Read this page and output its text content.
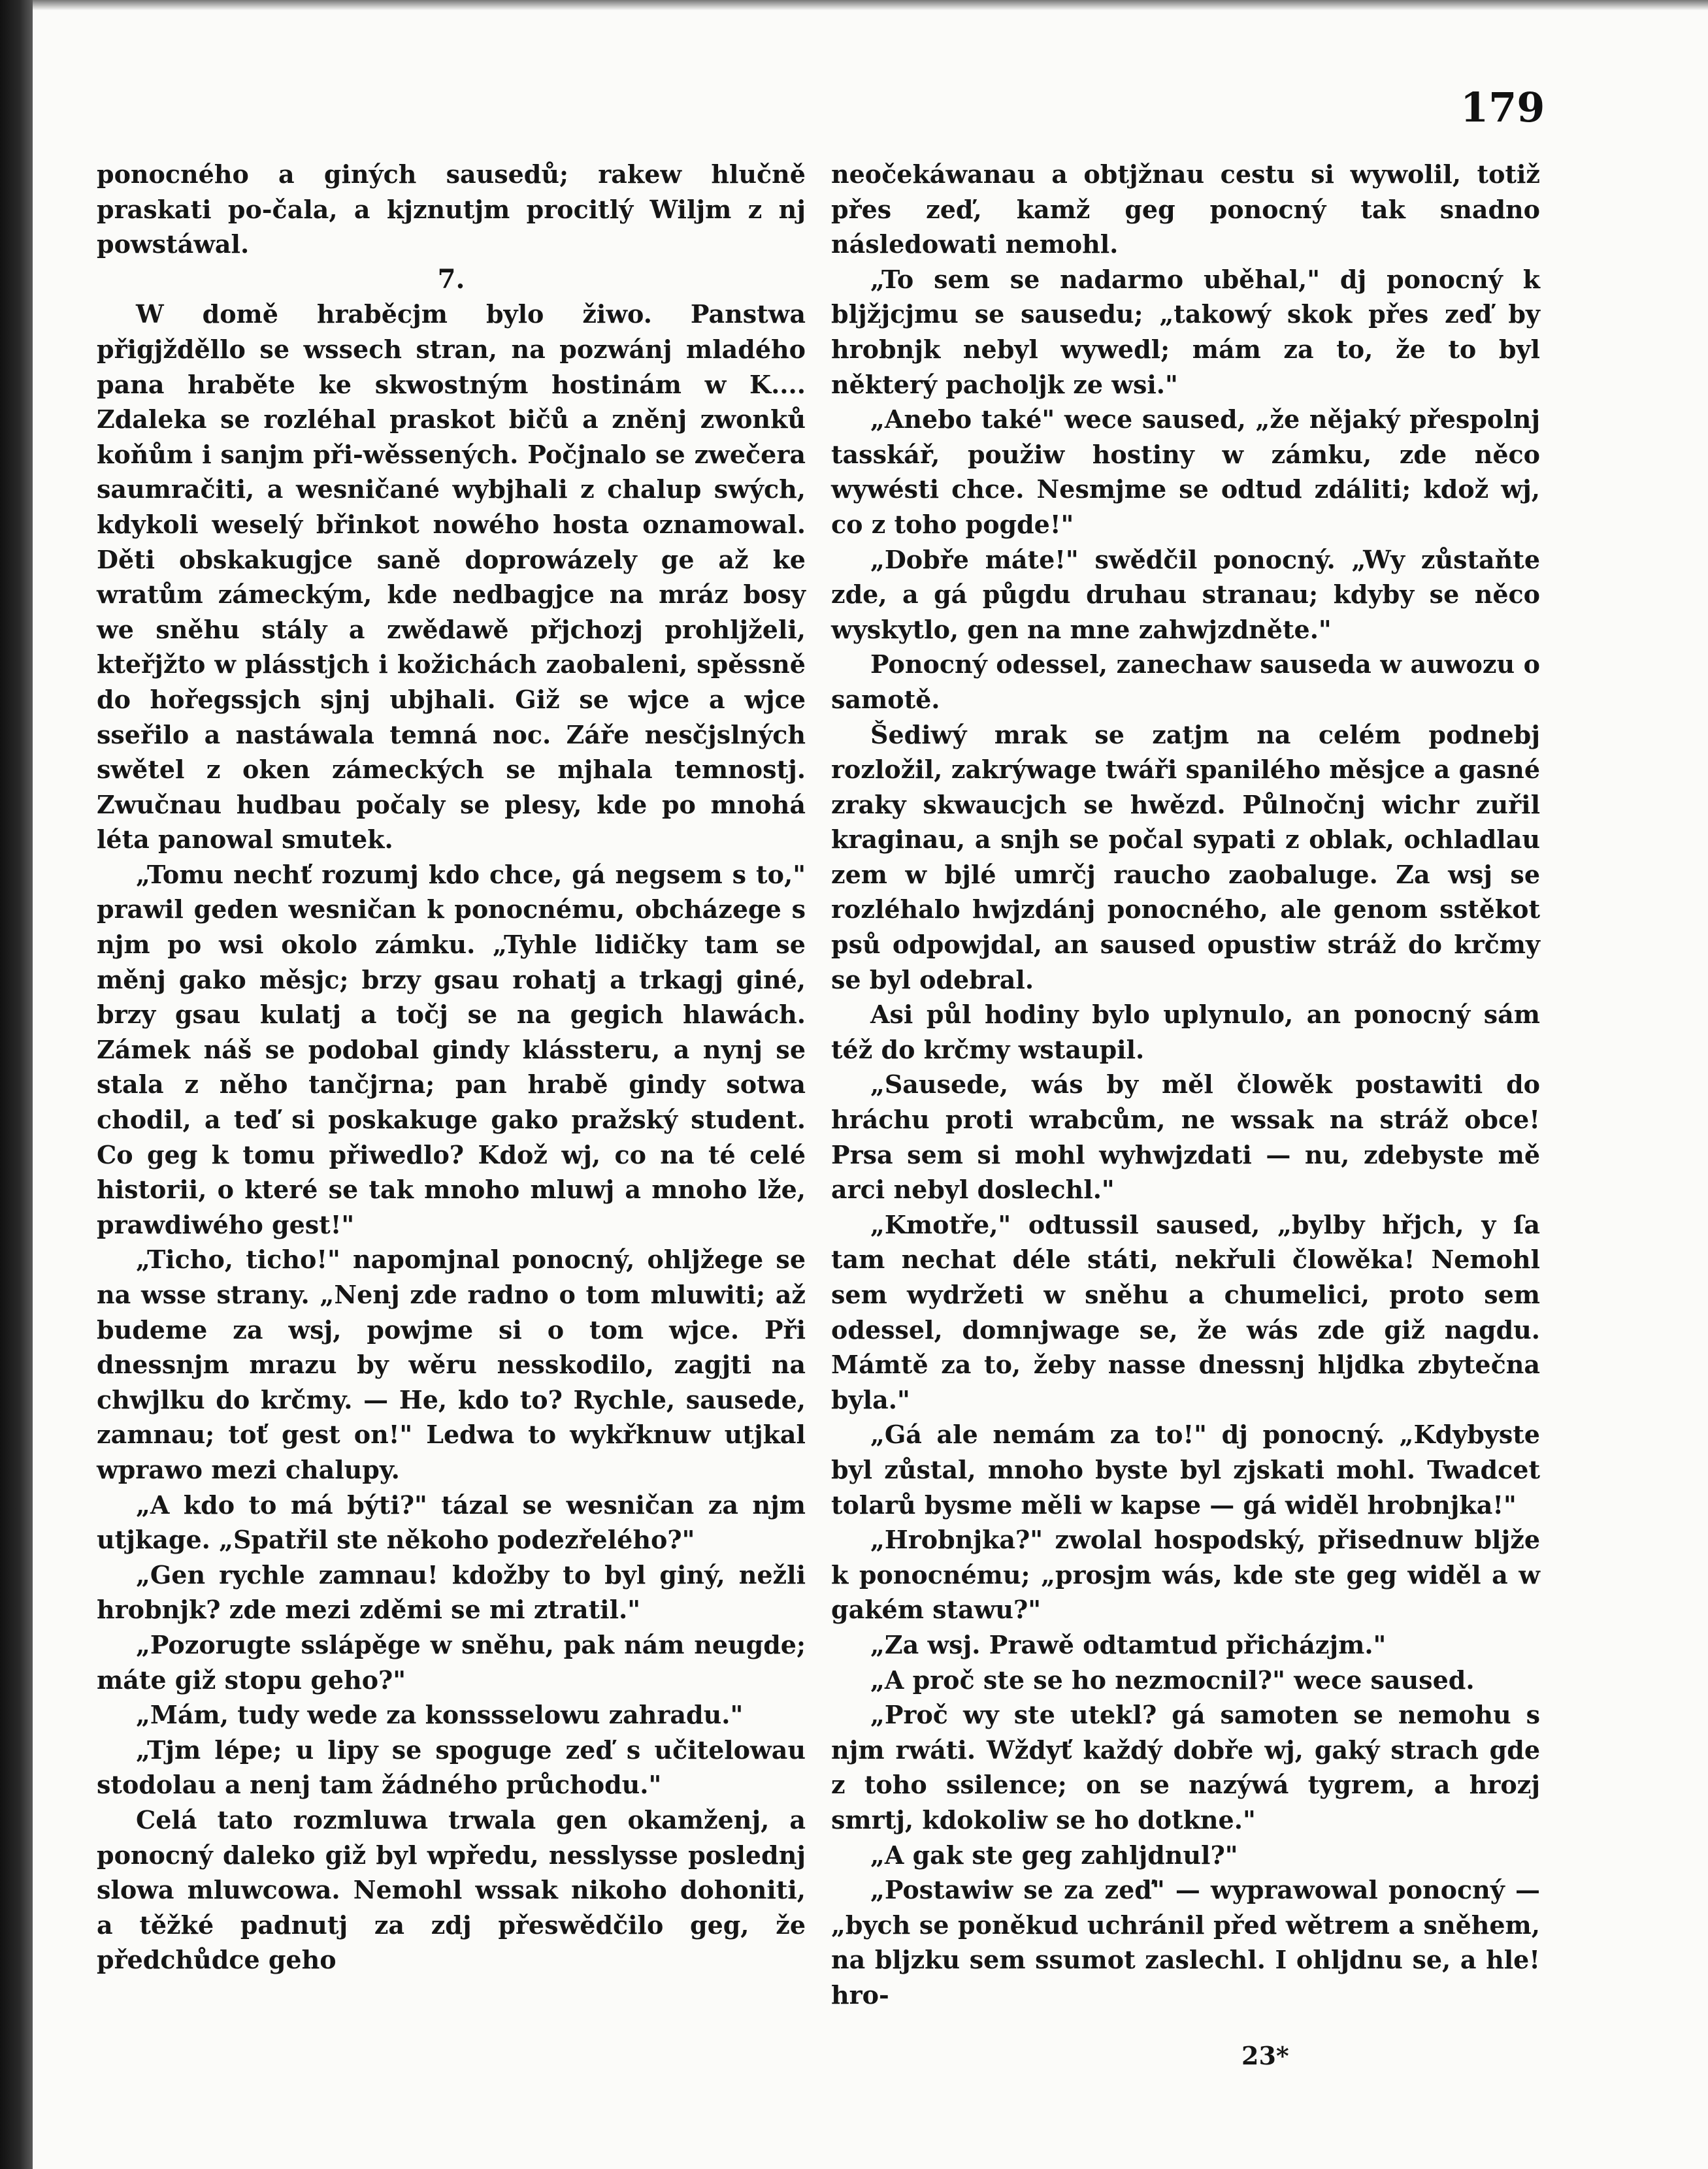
179

ponocného a giných sausedů; rakew hlučně praskati po-čala, a kjznutjm procitlý Wiljm z nj powstáwal.

7.

W domě hraběcjm bylo žiwo. Panstwa přigjžděllo se wssech stran, na pozwánj mladého pana hraběte ke skwostným hostinám w K.... Zdaleka se rozléhal praskot bičů a zněnj zwonků koňům i sanjm při-wěssených. Počjnalo se zwečera saumračiti, a wesničané wybjhali z chalup swých, kdykoli weselý břinkot nowého hosta oznamowal. Děti obskakugjce saně doprowázely ge až ke wratům zámeckým, kde nedbagjce na mráz bosy we sněhu stály a zwědawě přjchozj prohljželi, kteřjžto w plásstjch i kožichách zaobaleni, spěssně do hořegssjch sjnj ubjhali. Giž se wjce a wjce sseřilo a nastáwala temná noc. Záře nesčjslných swětel z oken zámeckých se mjhala temnostj. Zwučnau hudbau počaly se plesy, kde po mnohá léta panowal smutek.

„Tomu nechť rozumj kdo chce, gá negsem s to," prawil geden wesničan k ponocnému, obcházege s njm po wsi okolo zámku. „Tyhle lidičky tam se měnj gako měsjc; brzy gsau rohatj a trkagj giné, brzy gsau kulatj a točj se na gegich hlawách. Zámek náš se podobal gindy klássteru, a nynj se stala z něho tančjrna; pan hrabě gindy sotwa chodil, a teď si poskakuge gako pražský student. Co geg k tomu přiwedlo? Kdož wj, co na té celé historii, o které se tak mnoho mluwj a mnoho lže, prawdiwého gest!"

„Ticho, ticho!" napomjnal ponocný, ohljžege se na wsse strany. „Nenj zde radno o tom mluwiti; až budeme za wsj, powjme si o tom wjce. Při dnessnjm mrazu by wěru nesskodilo, zagjti na chwjlku do krčmy. — He, kdo to? Rychle, sausede, zamnau; toť gest on!" Ledwa to wykřknuw utjkal wprawo mezi chalupy.

„A kdo to má býti?" tázal se wesničan za njm utjkage. „Spatřil ste někoho podezřelého?"

„Gen rychle zamnau! kdožby to byl giný, nežli hrobnjk? zde mezi zděmi se mi ztratil."

„Pozorugte sslápěge w sněhu, pak nám neugde; máte giž stopu geho?"

„Mám, tudy wede za konssselowu zahradu."

„Tjm lépe; u lipy se spoguge zeď s učitelowau stodolau a nenj tam žádného průchodu."

Celá tato rozmluwa trwala gen okamženj, a ponocný daleko giž byl wpředu, nesslysse poslednj slowa mluwcowa. Nemohl wssak nikoho dohoniti, a těžké padnutj za zdj přeswědčilo geg, že předchůdce geho

neočekáwanau a obtjžnau cestu si wywolil, totiž přes zeď, kamž geg ponocný tak snadno následowati nemohl.

„To sem se nadarmo uběhal," dj ponocný k bljžjcjmu se sausedu; „takowý skok přes zeď by hrobnjk nebyl wywedl; mám za to, že to byl některý pacholjk ze wsi."

„Anebo také" wece saused, „že nějaký přespolnj tasskář, použiw hostiny w zámku, zde něco wywésti chce. Nesmjme se odtud zdáliti; kdož wj, co z toho pogde!"

„Dobře máte!" swědčil ponocný. „Wy zůstaňte zde, a gá půgdu druhau stranau; kdyby se něco wyskytlo, gen na mne zahwjzdněte."

Ponocný odessel, zanechaw sauseda w auwozu o samotě.

Šediwý mrak se zatjm na celém podnebj rozložil, zakrýwage twáři spanilého měsjce a gasné zraky skwaucjch se hwězd. Půlnočnj wichr zuřil kraginau, a snjh se počal sypati z oblak, ochladlau zem w bjlé umrčj raucho zaobaluge. Za wsj se rozléhalo hwjzdánj ponocného, ale genom sstěkot psů odpowjdal, an saused opustiw stráž do krčmy se byl odebral.

Asi půl hodiny bylo uplynulo, an ponocný sám též do krčmy wstaupil.

„Sausede, wás by měl člowěk postawiti do hráchu proti wrabcům, ne wssak na stráž obce! Prsa sem si mohl wyhwjzdati — nu, zdebyste mě arci nebyl doslechl."

„Kmotře," odtussil saused, „bylby hřjch, y ſa tam nechat déle státi, nekřuli člowěka! Nemohl sem wydržeti w sněhu a chumelici, proto sem odessel, domnjwage se, že wás zde giž nagdu. Mámtě za to, žeby nasse dnessnj hljdka zbytečna byla."

„Gá ale nemám za to!" dj ponocný. „Kdybyste byl zůstal, mnoho byste byl zjskati mohl. Twadcet tolarů bysme měli w kapse — gá widěl hrobnjka!"

„Hrobnjka?" zwolal hospodský, přisednuw bljže k ponocnému; „prosjm wás, kde ste geg widěl a w gakém stawu?"

„Za wsj. Prawě odtamtud přicházjm."

„A proč ste se ho nezmocnil?" wece saused.

„Proč wy ste utekl? gá samoten se nemohu s njm rwáti. Wždyť každý dobře wj, gaký strach gde z toho ssilence; on se nazýwá tygrem, a hrozj smrtj, kdokoliw se ho dotkne."

„A gak ste geg zahljdnul?"

„Postawiw se za zeď" — wyprawowal ponocný — „bych se poněkud uchránil před wětrem a sněhem, na bljzku sem ssumot zaslechl. I ohljdnu se, a hle! hro-

23*
